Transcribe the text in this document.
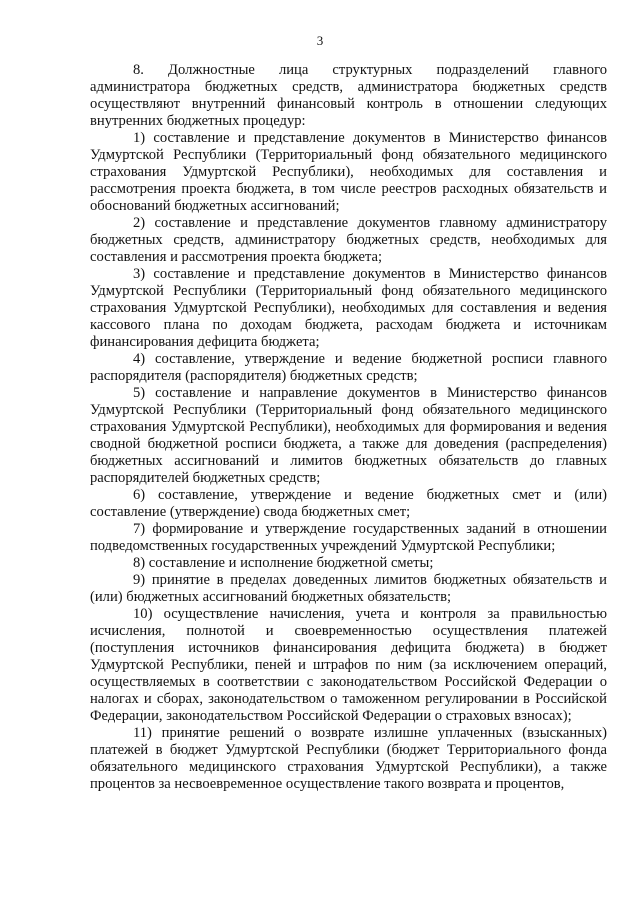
3

8. Должностные лица структурных подразделений главного администратора бюджетных средств, администратора бюджетных средств осуществляют внутренний финансовый контроль в отношении следующих внутренних бюджетных процедур:

1) составление и представление документов в Министерство финансов Удмуртской Республики (Территориальный фонд обязательного медицинского страхования Удмуртской Республики), необходимых для составления и рассмотрения проекта бюджета, в том числе реестров расходных обязательств и обоснований бюджетных ассигнований;

2) составление и представление документов главному администратору бюджетных средств, администратору бюджетных средств, необходимых для составления и рассмотрения проекта бюджета;

3) составление и представление документов в Министерство финансов Удмуртской Республики (Территориальный фонд обязательного медицинского страхования Удмуртской Республики), необходимых для составления и ведения кассового плана по доходам бюджета, расходам бюджета и источникам финансирования дефицита бюджета;

4) составление, утверждение и ведение бюджетной росписи главного распорядителя (распорядителя) бюджетных средств;

5) составление и направление документов в Министерство финансов Удмуртской Республики (Территориальный фонд обязательного медицинского страхования Удмуртской Республики), необходимых для формирования и ведения сводной бюджетной росписи бюджета, а также для доведения (распределения) бюджетных ассигнований и лимитов бюджетных обязательств до главных распорядителей бюджетных средств;

6) составление, утверждение и ведение бюджетных смет и (или) составление (утверждение) свода бюджетных смет;

7) формирование и утверждение государственных заданий в отношении подведомственных государственных учреждений Удмуртской Республики;

8) составление и исполнение бюджетной сметы;

9) принятие в пределах доведенных лимитов бюджетных обязательств и (или) бюджетных ассигнований бюджетных обязательств;

10) осуществление начисления, учета и контроля за правильностью исчисления, полнотой и своевременностью осуществления платежей (поступления источников финансирования дефицита бюджета) в бюджет Удмуртской Республики, пеней и штрафов по ним (за исключением операций, осуществляемых в соответствии с законодательством Российской Федерации о налогах и сборах, законодательством о таможенном регулировании в Российской Федерации, законодательством Российской Федерации о страховых взносах);

11) принятие решений о возврате излишне уплаченных (взысканных) платежей в бюджет Удмуртской Республики (бюджет Территориального фонда обязательного медицинского страхования Удмуртской Республики), а также процентов за несвоевременное осуществление такого возврата и процентов,
